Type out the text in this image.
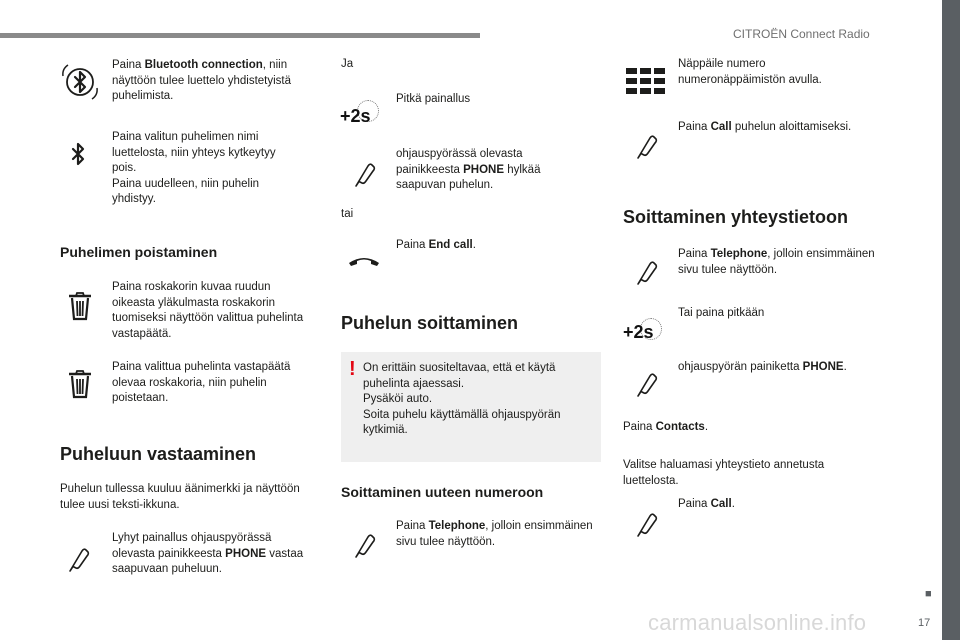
CITROËN Connect Radio
■
17
carmanualsonline.info
Paina Bluetooth connection, niin näyttöön tulee luettelo yhdistetyistä puhelimista.
Paina valitun puhelimen nimi luettelosta, niin yhteys kytkeytyy pois.
Paina uudelleen, niin puhelin yhdistyy.
Puhelimen poistaminen
Paina roskakorin kuvaa ruudun oikeasta yläkulmasta roskakorin tuomiseksi näyttöön valittua puhelinta vastapäätä.
Paina valittua puhelinta vastapäätä olevaa roskakoria, niin puhelin poistetaan.
Puheluun vastaaminen
Puhelun tullessa kuuluu äänimerkki ja näyttöön tulee uusi teksti-ikkuna.
Lyhyt painallus ohjauspyörässä olevasta painikkeesta PHONE vastaa saapuvaan puheluun.
Ja
+2s
Pitkä painallus
ohjauspyörässä olevasta painikkeesta PHONE hylkää saapuvan puhelun.
tai
Paina End call.
Puhelun soittaminen
! On erittäin suositeltavaa, että et käytä puhelinta ajaessasi.
Pysäköi auto.
Soita puhelu käyttämällä ohjauspyörän kytkimiä.
Soittaminen uuteen numeroon
Paina Telephone, jolloin ensimmäinen sivu tulee näyttöön.
Näppäile numero numeronäppäimistön avulla.
Paina Call puhelun aloittamiseksi.
Soittaminen yhteystietoon
Paina Telephone, jolloin ensimmäinen sivu tulee näyttöön.
+2s
Tai paina pitkään
ohjauspyörän painiketta PHONE.
Paina Contacts.
Valitse haluamasi yhteystieto annetusta luettelosta.
Paina Call.
